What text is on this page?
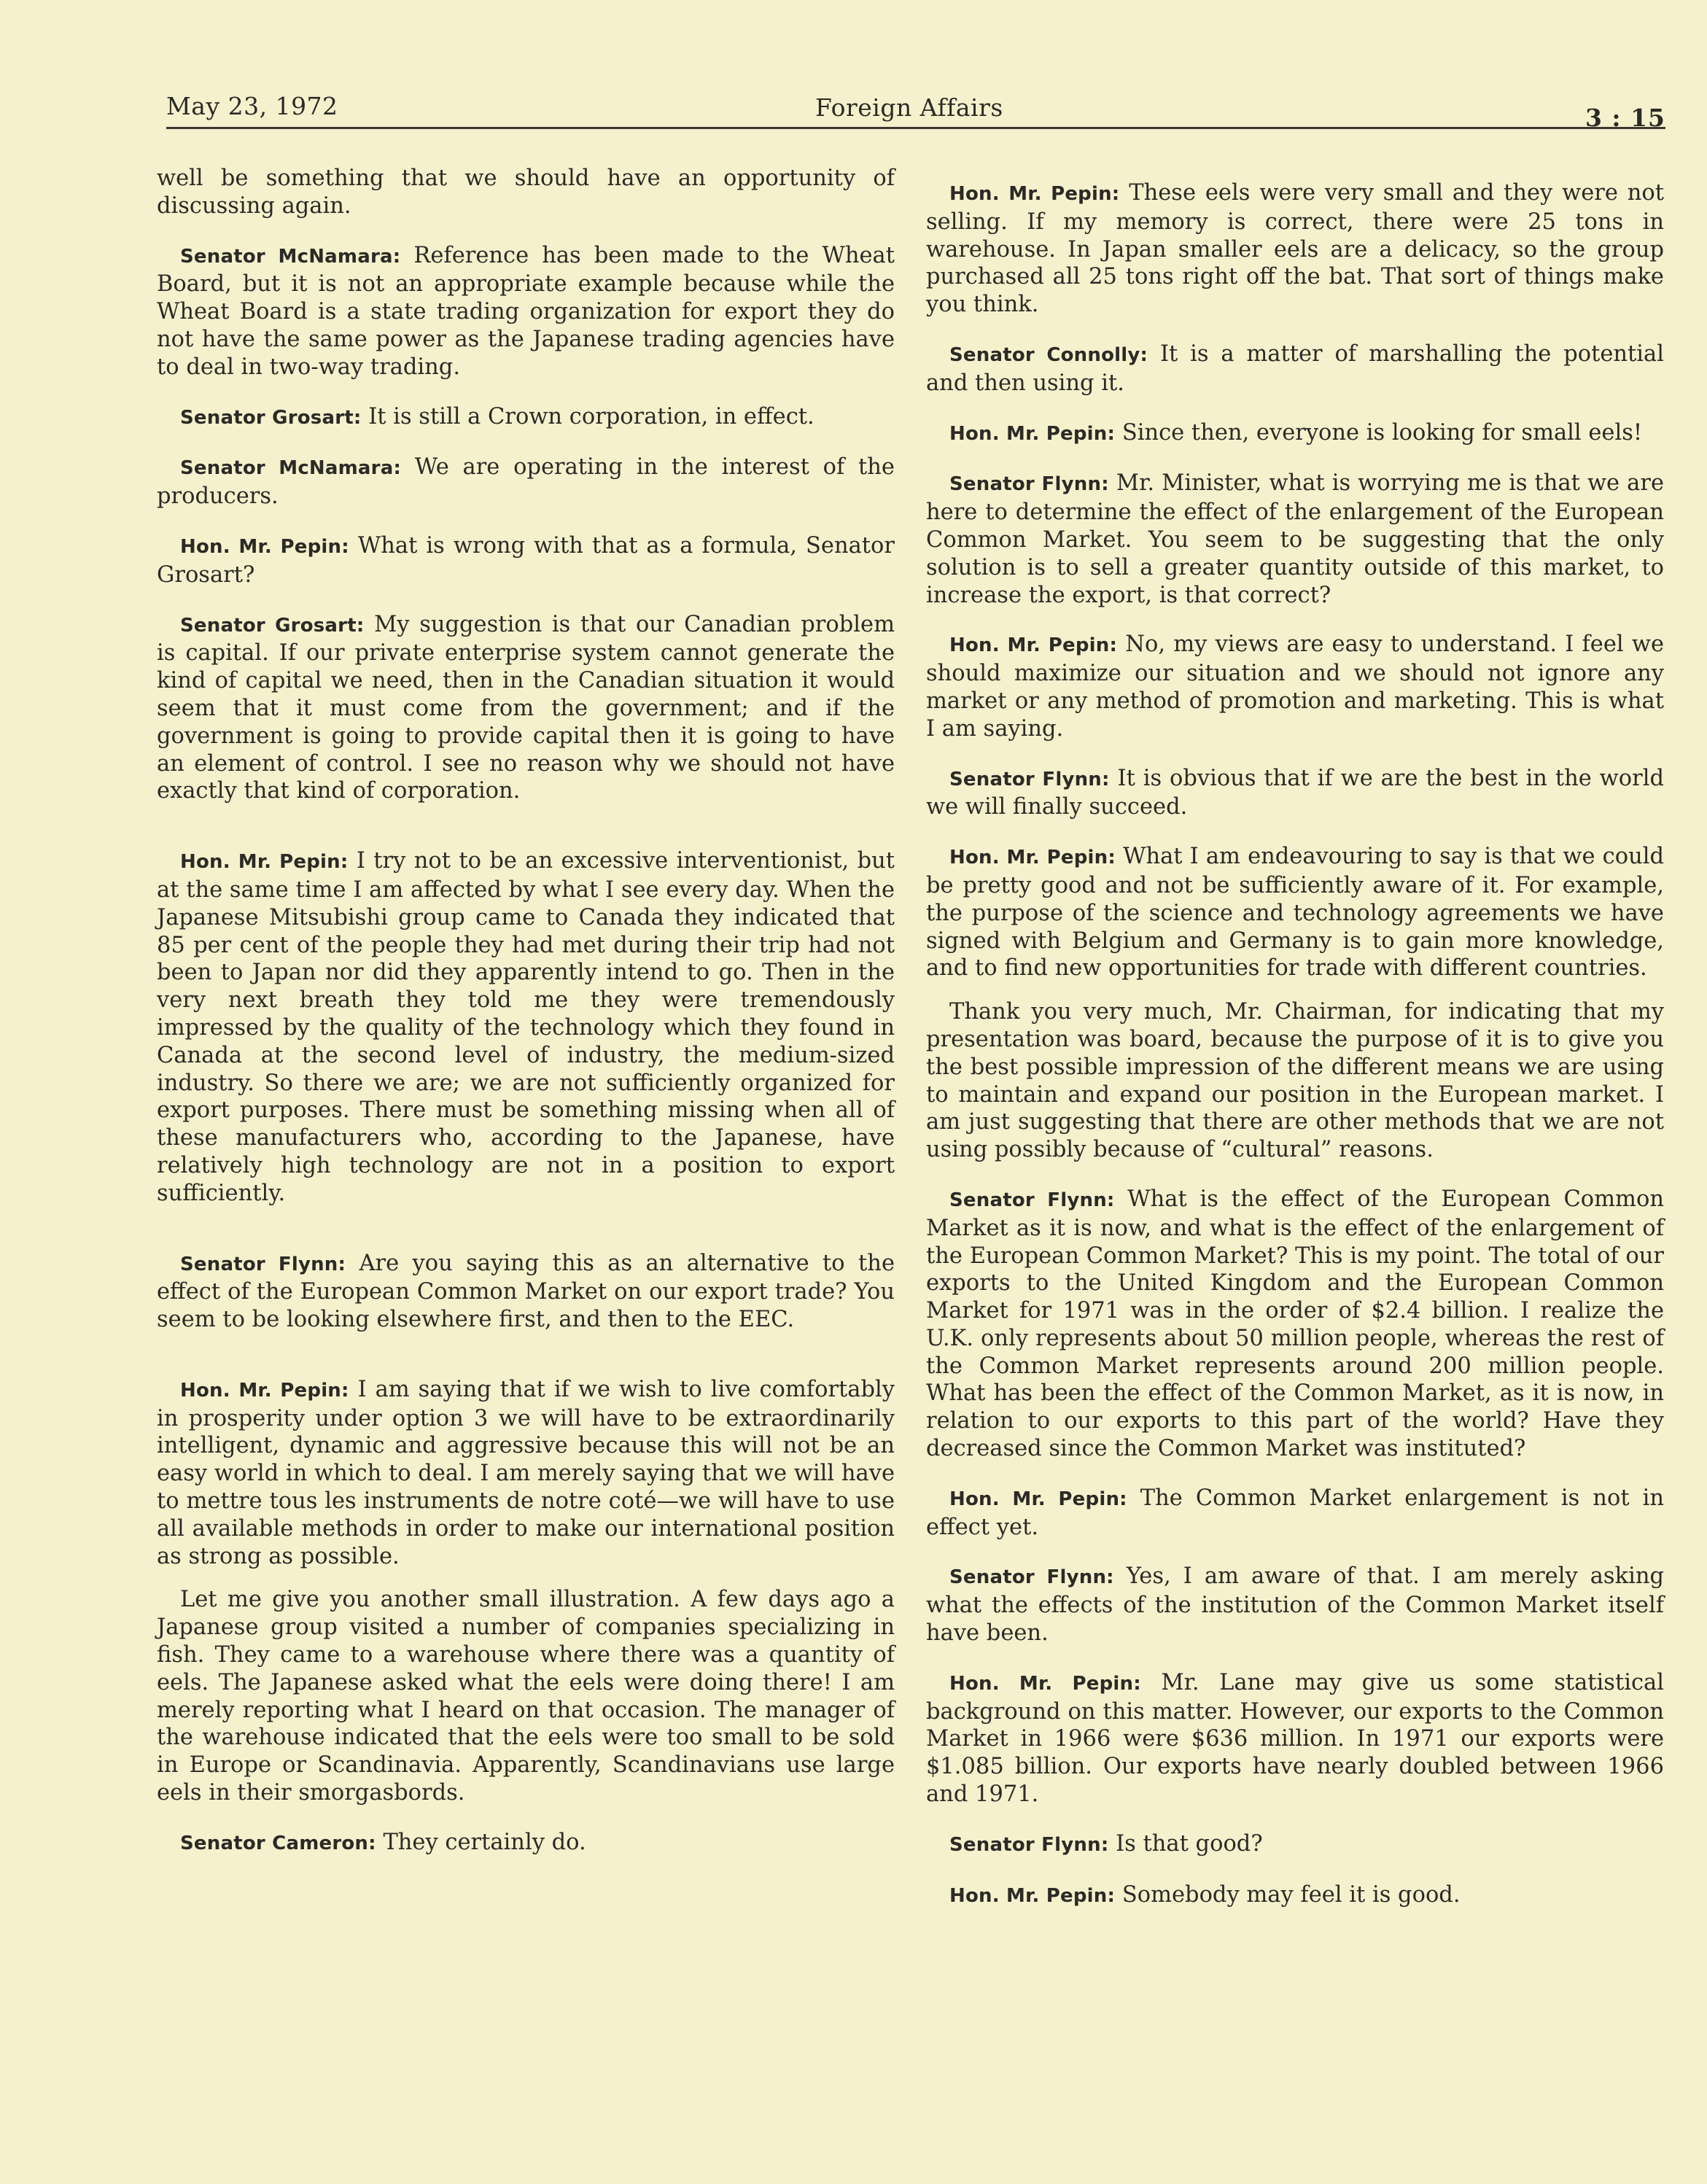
May 23, 1972	Foreign Affairs	3 : 15

well be something that we should have an opportunity of discussing again.

Senator McNamara: Reference has been made to the Wheat Board, but it is not an appropriate example because while the Wheat Board is a state trading organization for export they do not have the same power as the Japanese trading agencies have to deal in two-way trading.

Senator Grosart: It is still a Crown corporation, in effect.

Senator McNamara: We are operating in the interest of the producers.

Hon. Mr. Pepin: What is wrong with that as a formula, Senator Grosart?

Senator Grosart: My suggestion is that our Canadian problem is capital. If our private enterprise system cannot generate the kind of capital we need, then in the Canadian situation it would seem that it must come from the government; and if the government is going to provide capital then it is going to have an element of control. I see no reason why we should not have exactly that kind of corporation.

Hon. Mr. Pepin: I try not to be an excessive interventionist, but at the same time I am affected by what I see every day. When the Japanese Mitsubishi group came to Canada they indicated that 85 per cent of the people they had met during their trip had not been to Japan nor did they apparently intend to go. Then in the very next breath they told me they were tremendously impressed by the quality of the technology which they found in Canada at the second level of industry, the medium-sized industry. So there we are; we are not sufficiently organized for export purposes. There must be something missing when all of these manufacturers who, according to the Japanese, have relatively high technology are not in a position to export sufficiently.

Senator Flynn: Are you saying this as an alternative to the effect of the European Common Market on our export trade? You seem to be looking elsewhere first, and then to the EEC.

Hon. Mr. Pepin: I am saying that if we wish to live comfortably in prosperity under option 3 we will have to be extraordinarily intelligent, dynamic and aggressive because this will not be an easy world in which to deal. I am merely saying that we will have to mettre tous les instruments de notre coté—we will have to use all available methods in order to make our international position as strong as possible.

Let me give you another small illustration. A few days ago a Japanese group visited a number of companies specializing in fish. They came to a warehouse where there was a quantity of eels. The Japanese asked what the eels were doing there! I am merely reporting what I heard on that occasion. The manager of the warehouse indicated that the eels were too small to be sold in Europe or Scandinavia. Apparently, Scandinavians use large eels in their smorgasbords.

Senator Cameron: They certainly do.

Hon. Mr. Pepin: These eels were very small and they were not selling. If my memory is correct, there were 25 tons in warehouse. In Japan smaller eels are a delicacy, so the group purchased all 25 tons right off the bat. That sort of things make you think.

Senator Connolly: It is a matter of marshalling the potential and then using it.

Hon. Mr. Pepin: Since then, everyone is looking for small eels!

Senator Flynn: Mr. Minister, what is worrying me is that we are here to determine the effect of the enlargement of the European Common Market. You seem to be suggesting that the only solution is to sell a greater quantity outside of this market, to increase the export, is that correct?

Hon. Mr. Pepin: No, my views are easy to understand. I feel we should maximize our situation and we should not ignore any market or any method of promotion and marketing. This is what I am saying.

Senator Flynn: It is obvious that if we are the best in the world we will finally succeed.

Hon. Mr. Pepin: What I am endeavouring to say is that we could be pretty good and not be sufficiently aware of it. For example, the purpose of the science and technology agreements we have signed with Belgium and Germany is to gain more knowledge, and to find new opportunities for trade with different countries.

Thank you very much, Mr. Chairman, for indicating that my presentation was board, because the purpose of it is to give you the best possible impression of the different means we are using to maintain and expand our position in the European market. I am just suggesting that there are other methods that we are not using possibly because of “cultural” reasons.

Senator Flynn: What is the effect of the European Common Market as it is now, and what is the effect of the enlargement of the European Common Market? This is my point. The total of our exports to the United Kingdom and the European Common Market for 1971 was in the order of $2.4 billion. I realize the U.K. only represents about 50 million people, whereas the rest of the Common Market represents around 200 million people. What has been the effect of the Common Market, as it is now, in relation to our exports to this part of the world? Have they decreased since the Common Market was instituted?

Hon. Mr. Pepin: The Common Market enlargement is not in effect yet.

Senator Flynn: Yes, I am aware of that. I am merely asking what the effects of the institution of the Common Market itself have been.

Hon. Mr. Pepin: Mr. Lane may give us some statistical background on this matter. However, our exports to the Common Market in 1966 were $636 million. In 1971 our exports were $1.085 billion. Our exports have nearly doubled between 1966 and 1971.

Senator Flynn: Is that good?

Hon. Mr. Pepin: Somebody may feel it is good.
